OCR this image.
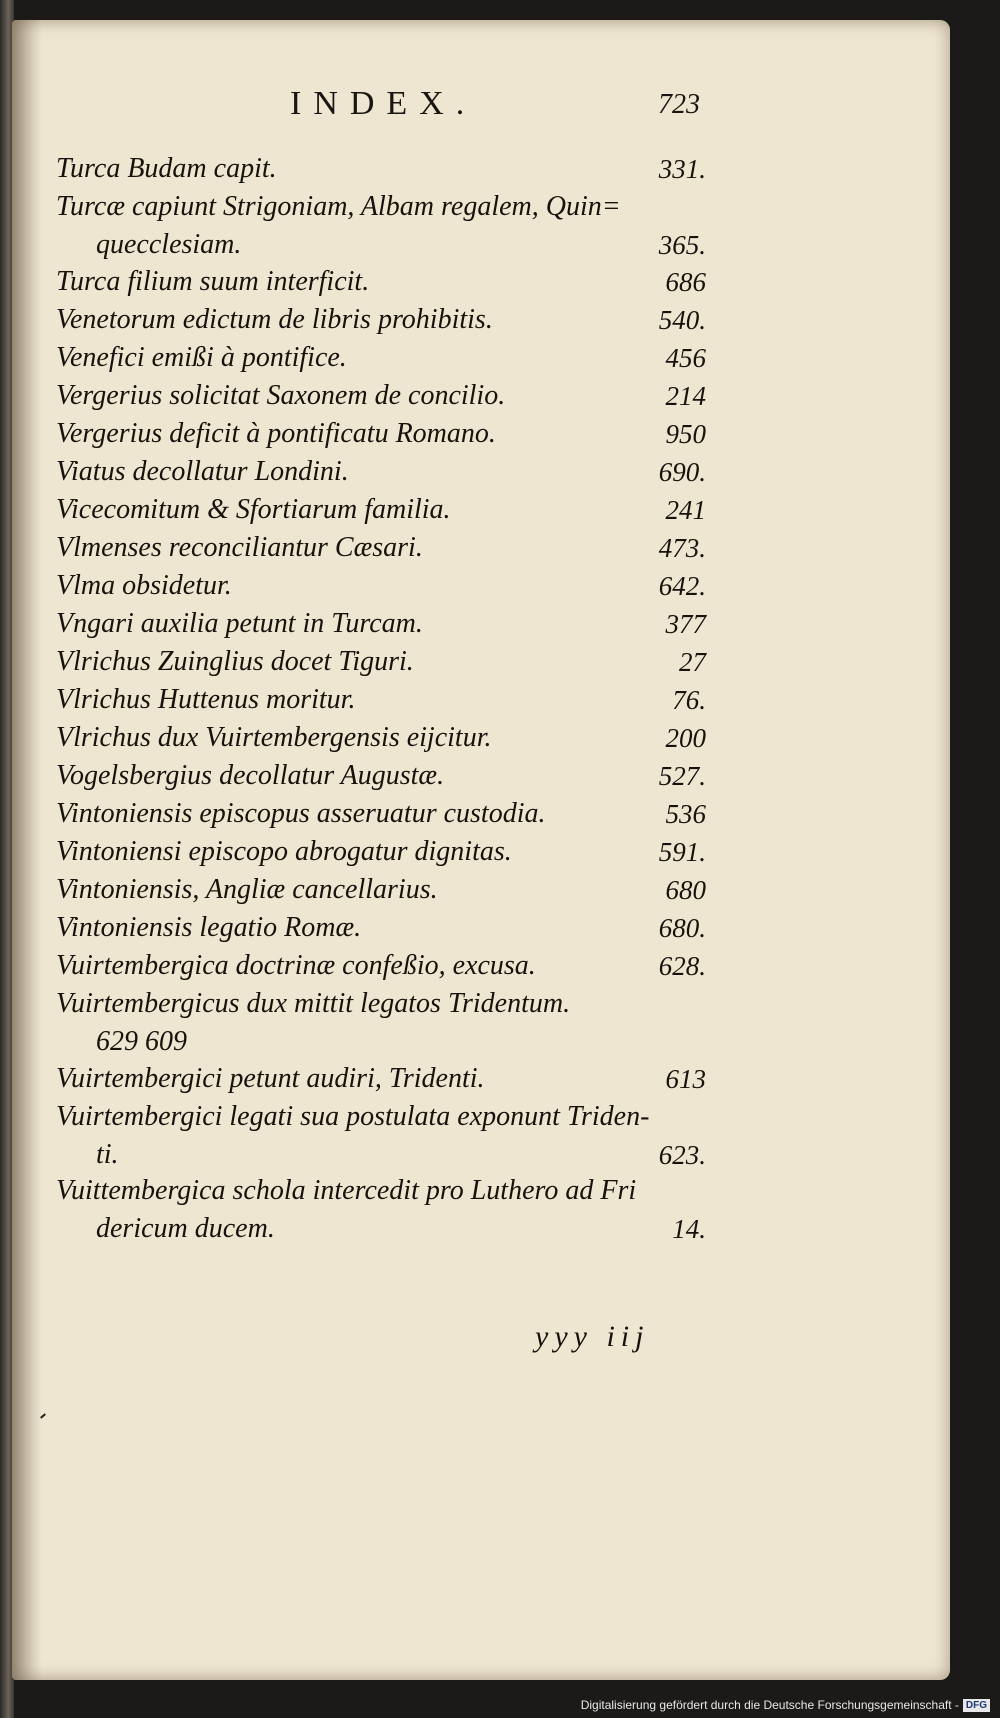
INDEX.	723
Turca Budam capit.	331.
Turcæ capiunt Strigoniam, Albam regalem, Quin=
quecclesiam.	365.
Turca filium suum interficit.	686
Venetorum edictum de libris prohibitis.	540.
Venefici emißi à pontifice.	456
Vergerius solicitat Saxonem de concilio.	214
Vergerius deficit à pontificatu Romano.	950
Viatus decollatur Londini.	690.
Vicecomitum & Sfortiarum familia.	241
Vlmenses reconciliantur Cæsari.	473.
Vlma obsidetur.	642.
Vngari auxilia petunt in Turcam.	377
Vlrichus Zuinglius docet Tiguri.	27
Vlrichus Huttenus moritur.	76.
Vlrichus dux Vuirtembergensis eijcitur.	200
Vogelsbergius decollatur Augustæ.	527.
Vintoniensis episcopus asseruatur custodia.	536
Vintoniensi episcopo abrogatur dignitas.	591.
Vintoniensis, Angliæ cancellarius.	680
Vintoniensis legatio Romæ.	680.
Vuirtembergica doctrinæ confeßio, excusa.	628.
Vuirtembergicus dux mittit legatos Tridentum.
629 609
Vuirtembergici petunt audiri, Tridenti.	613
Vuirtembergici legati sua postulata exponunt Triden-
ti.	623.
Vuittembergica schola intercedit pro Luthero ad Fri
dericum ducem.	14.
yyy iij
Digitalisierung gefördert durch die Deutsche Forschungsgemeinschaft - DFG
